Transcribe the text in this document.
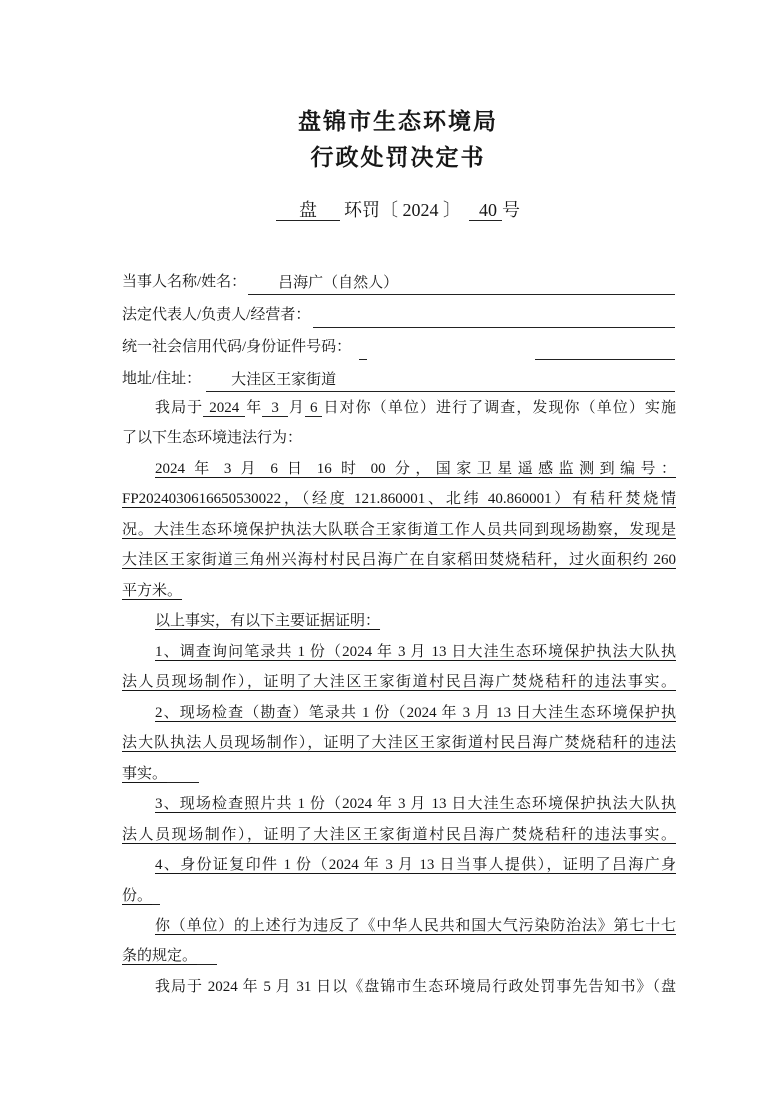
盘锦市生态环境局
行政处罚决定书
盘 环罚〔 2024 〕 40 号
当事人名称/姓名：	吕海广（自然人）
法定代表人/负责人/经营者：
统一社会信用代码/身份证件号码：
地址/住址：	大洼区王家街道
我局于 2024 年 3 月 6 日对你（单位）进行了调查，发现你（单位）实施
了以下生态环境违法行为：
2024 年 3 月 6 日 16 时 00 分，国家卫星遥感监测到编号：
FP2024030616650530022，（经度 121.860001、北纬 40.860001）有秸秆焚烧情
况。大洼生态环境保护执法大队联合王家街道工作人员共同到现场勘察，发现是
大洼区王家街道三角州兴海村村民吕海广在自家稻田焚烧秸秆，过火面积约 260
平方米。
以上事实，有以下主要证据证明：
1、调查询问笔录共 1 份（2024 年 3 月 13 日大洼生态环境保护执法大队执
法人员现场制作），证明了大洼区王家街道村民吕海广焚烧秸秆的违法事实。
2、现场检查（勘查）笔录共 1 份（2024 年 3 月 13 日大洼生态环境保护执
法大队执法人员现场制作），证明了大洼区王家街道村民吕海广焚烧秸秆的违法
事实。
3、现场检查照片共 1 份（2024 年 3 月 13 日大洼生态环境保护执法大队执
法人员现场制作），证明了大洼区王家街道村民吕海广焚烧秸秆的违法事实。
4、身份证复印件 1 份（2024 年 3 月 13 日当事人提供），证明了吕海广身
份。
你（单位）的上述行为违反了《中华人民共和国大气污染防治法》第七十七
条的规定。
我局于 2024 年 5 月 31 日以《盘锦市生态环境局行政处罚事先告知书》（盘
